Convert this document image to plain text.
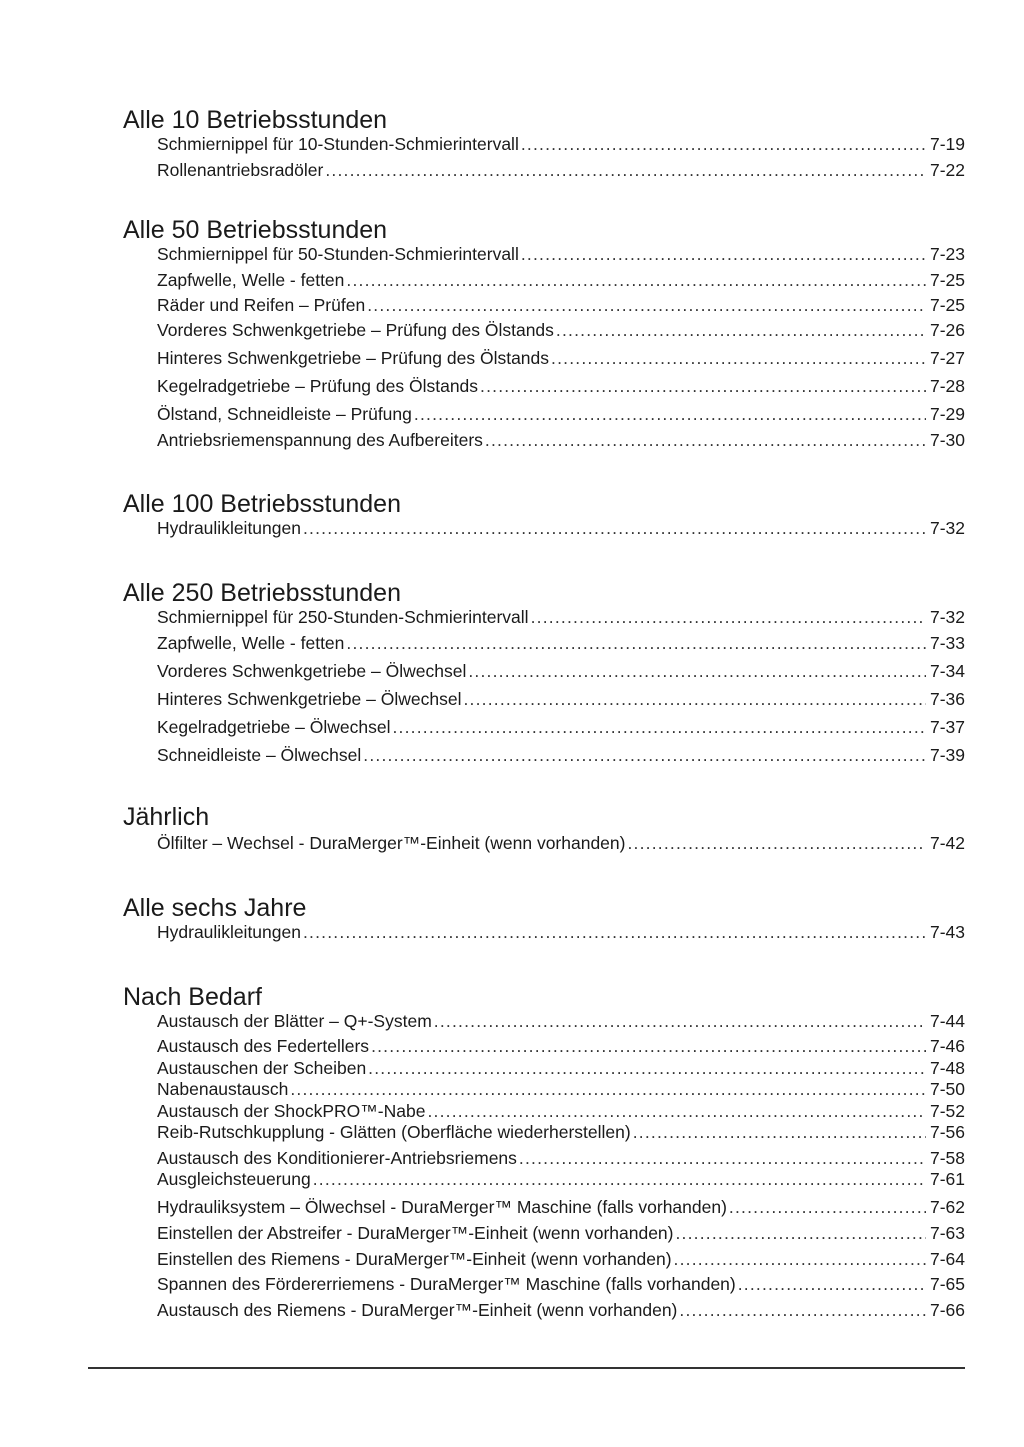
Alle 10 Betriebsstunden
Schmiernippel für 10-Stunden-Schmierintervall .....	7-19
Rollenantriebsradöler .....	7-22
Alle 50 Betriebsstunden
Schmiernippel für 50-Stunden-Schmierintervall .....	7-23
Zapfwelle, Welle - fetten .....	7-25
Räder und Reifen – Prüfen .....	7-25
Vorderes Schwenkgetriebe – Prüfung des Ölstands .....	7-26
Hinteres Schwenkgetriebe – Prüfung des Ölstands .....	7-27
Kegelradgetriebe – Prüfung des Ölstands .....	7-28
Ölstand, Schneidleiste – Prüfung .....	7-29
Antriebsriemenspannung des Aufbereiters .....	7-30
Alle 100 Betriebsstunden
Hydraulikleitungen .....	7-32
Alle 250 Betriebsstunden
Schmiernippel für 250-Stunden-Schmierintervall .....	7-32
Zapfwelle, Welle - fetten .....	7-33
Vorderes Schwenkgetriebe – Ölwechsel .....	7-34
Hinteres Schwenkgetriebe – Ölwechsel .....	7-36
Kegelradgetriebe – Ölwechsel .....	7-37
Schneidleiste – Ölwechsel .....	7-39
Jährlich
Ölfilter – Wechsel - DuraMerger™-Einheit (wenn vorhanden) .....	7-42
Alle sechs Jahre
Hydraulikleitungen .....	7-43
Nach Bedarf
Austausch der Blätter – Q+-System .....	7-44
Austausch des Federtellers .....	7-46
Austauschen der Scheiben .....	7-48
Nabenaustausch .....	7-50
Austausch der ShockPRO™-Nabe .....	7-52
Reib-Rutschkupplung - Glätten (Oberfläche wiederherstellen) .....	7-56
Austausch des Konditionierer-Antriebsriemens .....	7-58
Ausgleichsteuerung .....	7-61
Hydrauliksystem – Ölwechsel - DuraMerger™ Maschine (falls vorhanden) .....	7-62
Einstellen der Abstreifer - DuraMerger™-Einheit (wenn vorhanden) .....	7-63
Einstellen des Riemens - DuraMerger™-Einheit (wenn vorhanden) .....	7-64
Spannen des Fördererriemens - DuraMerger™ Maschine (falls vorhanden) .....	7-65
Austausch des Riemens - DuraMerger™-Einheit (wenn vorhanden) .....	7-66
